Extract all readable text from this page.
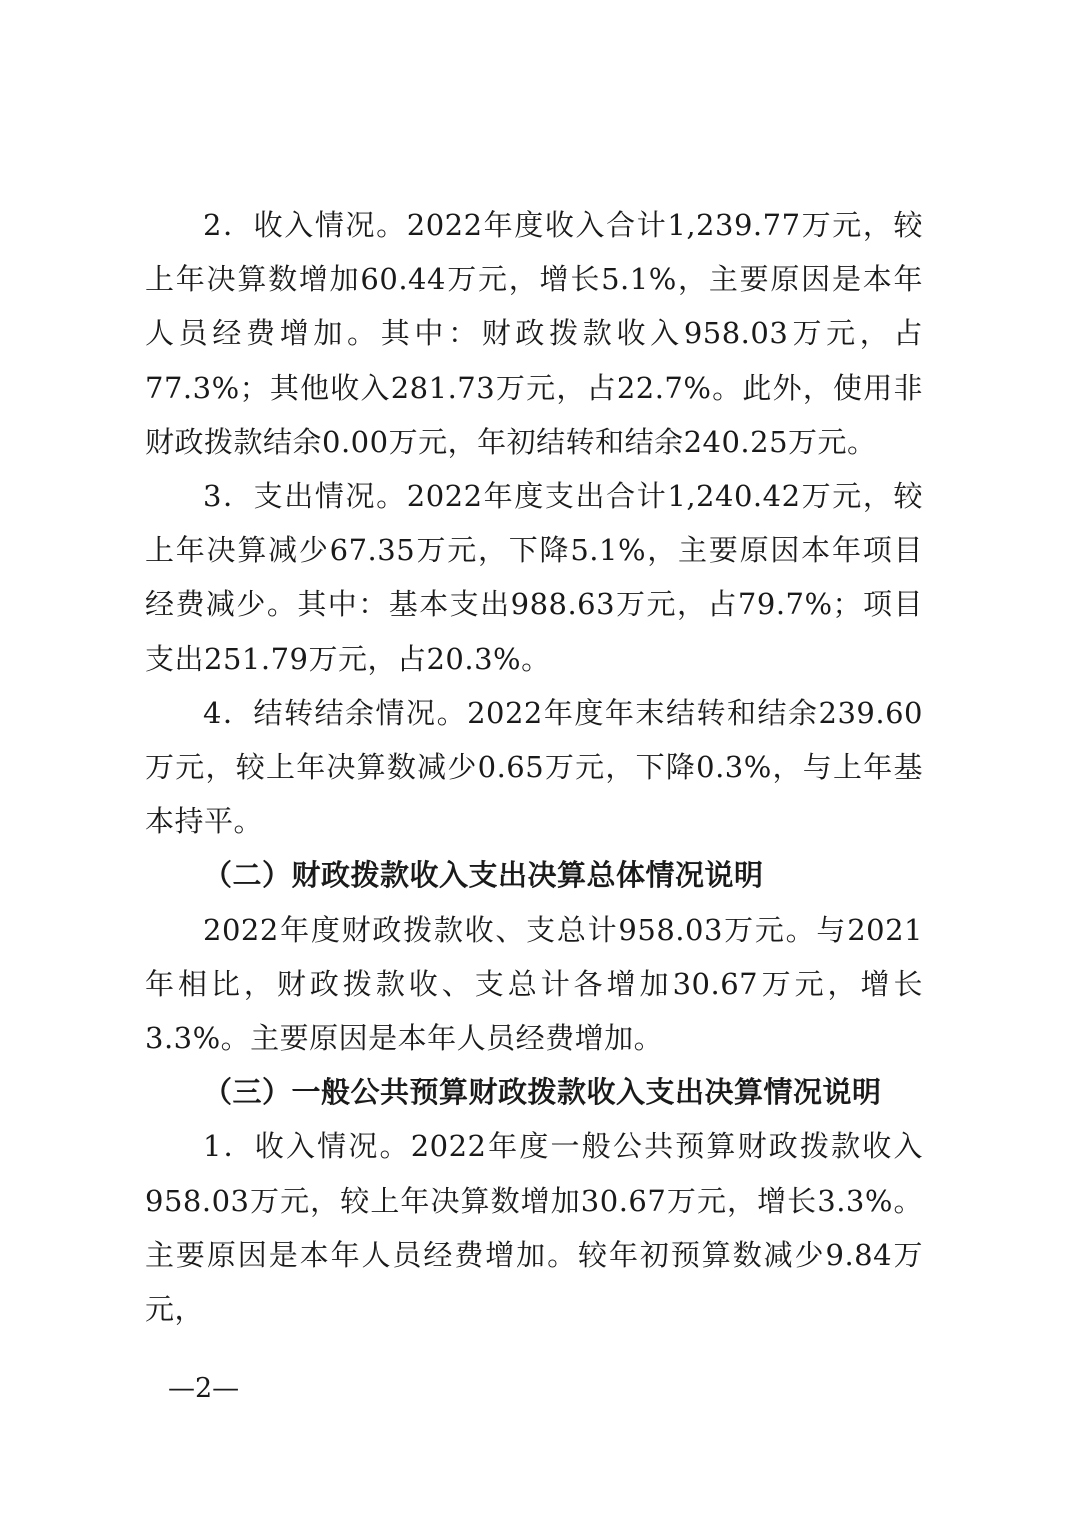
2．收入情况。2022年度收入合计1,239.77万元，较上年决算数增加60.44万元，增长5.1%，主要原因是本年人员经费增加。其中：财政拨款收入958.03万元，占77.3%；其他收入281.73万元，占22.7%。此外，使用非财政拨款结余0.00万元，年初结转和结余240.25万元。

3．支出情况。2022年度支出合计1,240.42万元，较上年决算减少67.35万元，下降5.1%，主要原因本年项目经费减少。其中：基本支出988.63万元，占79.7%；项目支出251.79万元，占20.3%。

4．结转结余情况。2022年度年末结转和结余239.60万元，较上年决算数减少0.65万元，下降0.3%，与上年基本持平。

（二）财政拨款收入支出决算总体情况说明

2022年度财政拨款收、支总计958.03万元。与2021年相比，财政拨款收、支总计各增加30.67万元，增长3.3%。主要原因是本年人员经费增加。

（三）一般公共预算财政拨款收入支出决算情况说明

1．收入情况。2022年度一般公共预算财政拨款收入958.03万元，较上年决算数增加30.67万元，增长3.3%。主要原因是本年人员经费增加。较年初预算数减少9.84万元，

—2—
